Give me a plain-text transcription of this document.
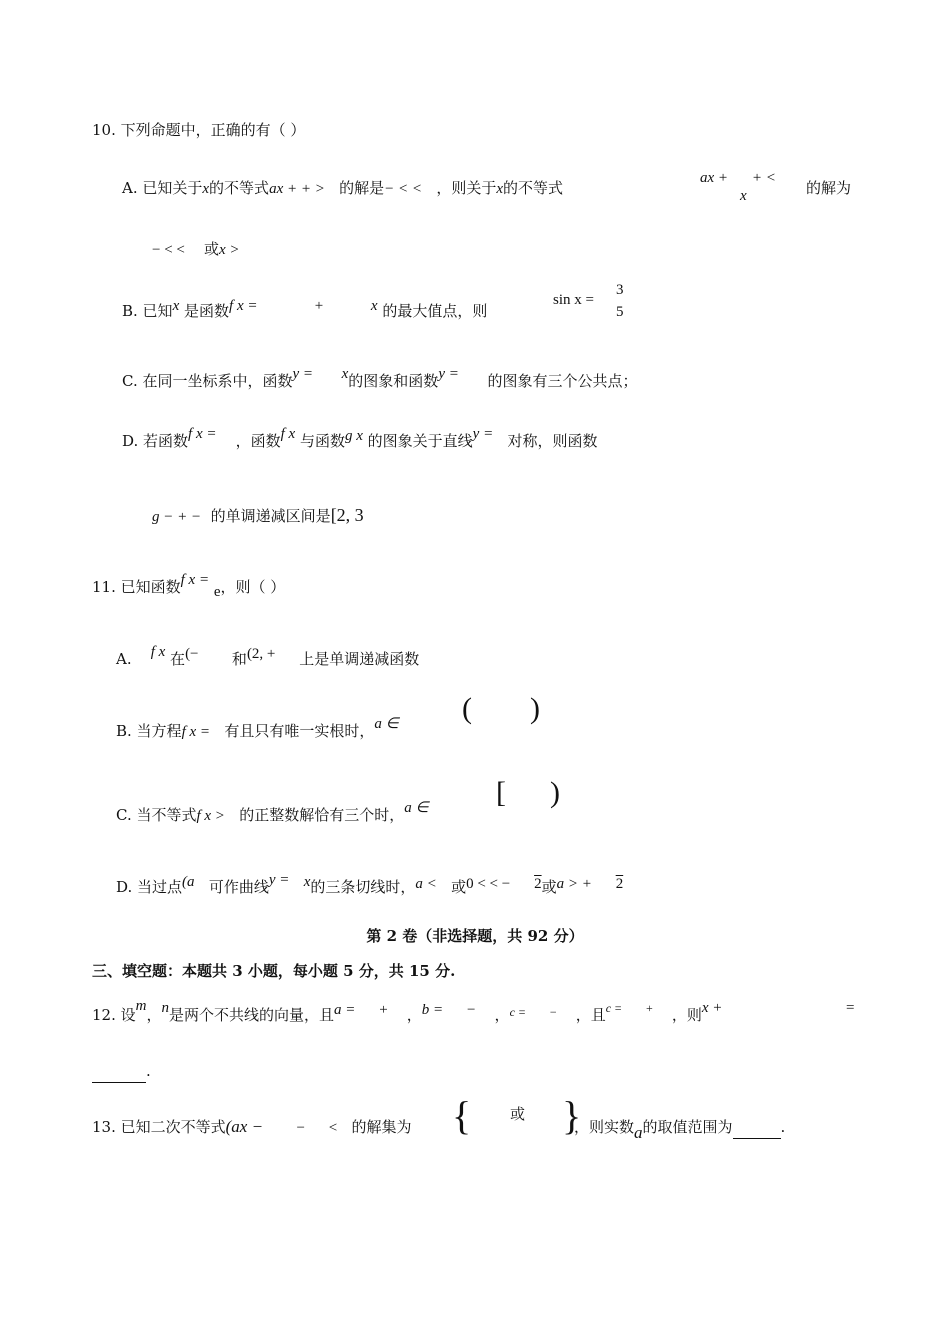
10. 下列命题中，正确的有（ ）
A. 已知关于x的不等式ax + + > 的解是− < < ，则关于x的不等式
ax + + <
x	的解为
− < < 或x >
B. 已知x 是函数f x =	+	x 的最大值点，则
sin x =
3
5
C. 在同一坐标系中，函数y = x的图象和函数y = 的图象有三个公共点；
D. 若函数f x = ，函数f x 与函数g x 的图象关于直线y = 对称，则函数
g − + − 的单调递减区间是[2, 3
11. 已知函数f x = e，则（ ）
A. f x 在(− 和(2, + 上是单调递减函数
B. 当方程f x = 有且只有唯一实根时，a ∈ ( )
C. 当不等式f x > 的正整数解恰有三个时，a ∈ [ )
D. 当过点(a 可作曲线y = x的三条切线时，a < 或0 < < − 2或a > + 2
第 2 卷（非选择题，共 92 分）
三、填空题：本题共 3 小题，每小题 5 分，共 15 分.
12. 设m，n是两个不共线的向量，且a = + ，b = − ，$^{c =}$ − ，且$^{c =}$ + ，则x +	=
.
13. 已知二次不等式(ax − − < 的解集为 {	或 }
，则实数a的取值范围为	.
